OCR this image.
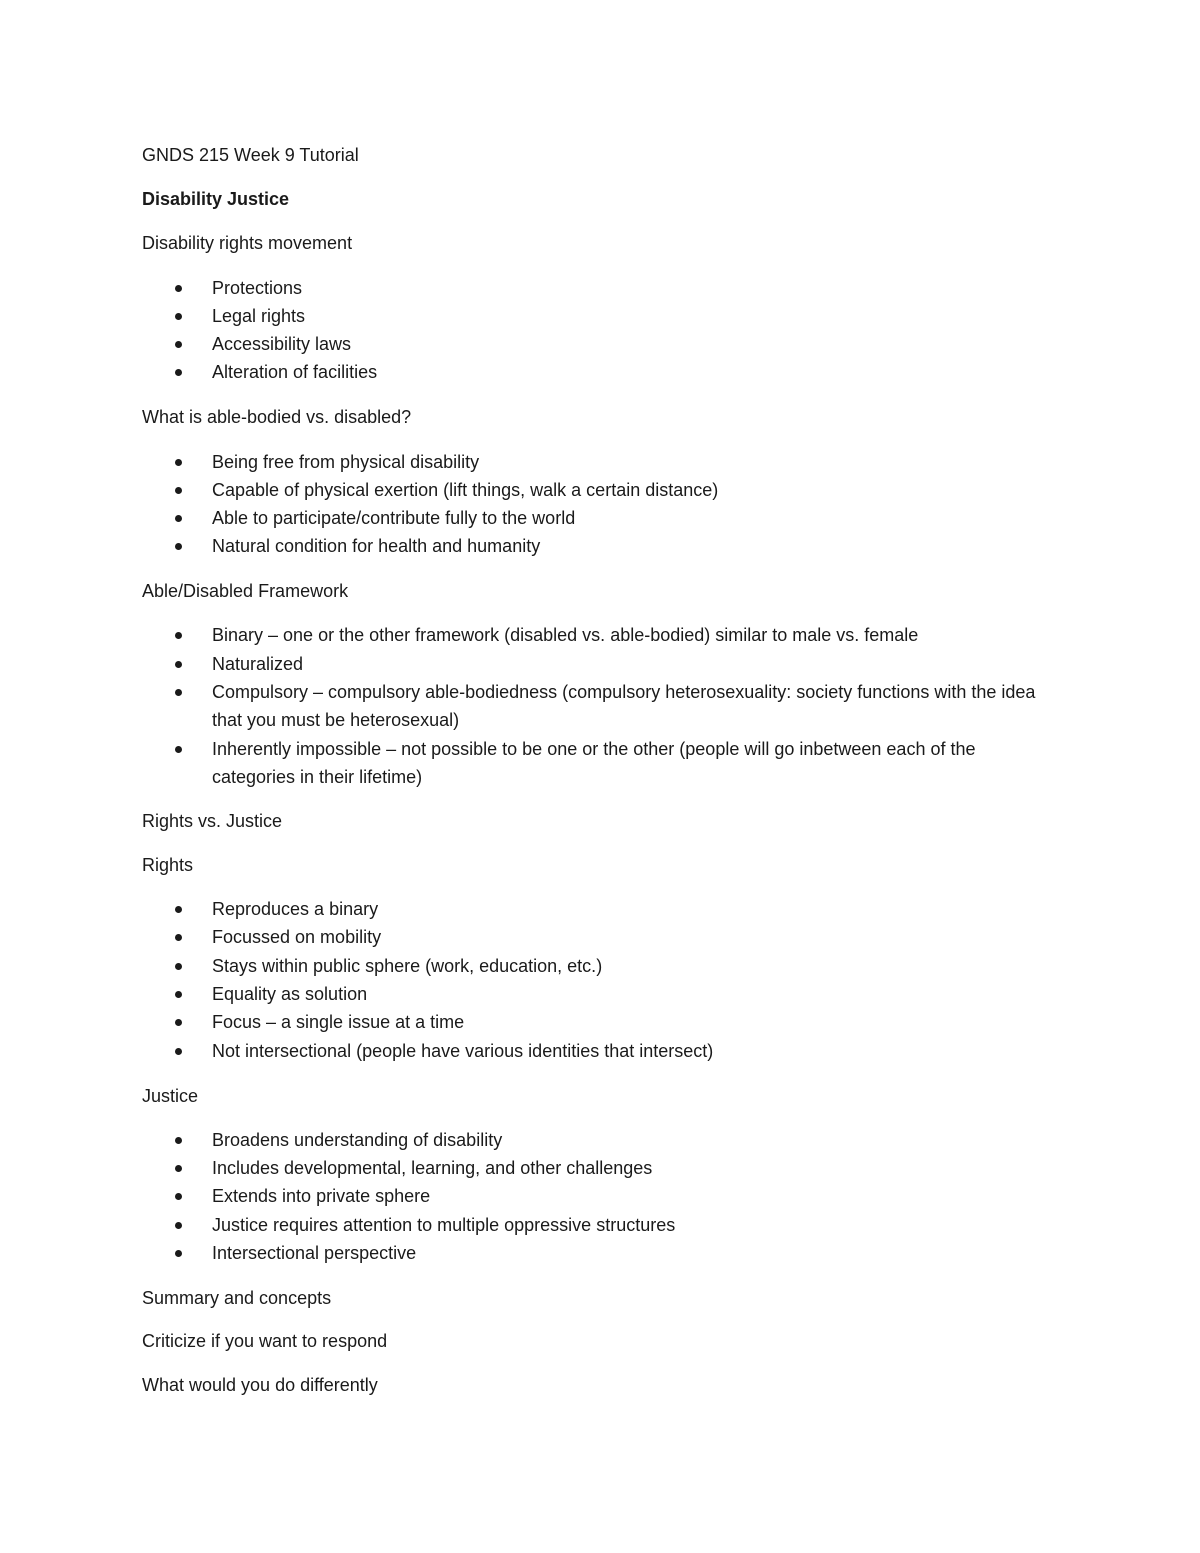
GNDS 215 Week 9 Tutorial

Disability Justice

Disability rights movement

Protections
Legal rights
Accessibility laws
Alteration of facilities

What is able-bodied vs. disabled?

Being free from physical disability
Capable of physical exertion (lift things, walk a certain distance)
Able to participate/contribute fully to the world
Natural condition for health and humanity

Able/Disabled Framework

Binary – one or the other framework (disabled vs. able-bodied) similar to male vs. female
Naturalized
Compulsory – compulsory able-bodiedness (compulsory heterosexuality: society functions with the idea that you must be heterosexual)
Inherently impossible – not possible to be one or the other (people will go inbetween each of the categories in their lifetime)

Rights vs. Justice

Rights

Reproduces a binary
Focussed on mobility
Stays within public sphere (work, education, etc.)
Equality as solution
Focus – a single issue at a time
Not intersectional (people have various identities that intersect)

Justice

Broadens understanding of disability
Includes developmental, learning, and other challenges
Extends into private sphere
Justice requires attention to multiple oppressive structures
Intersectional perspective

Summary and concepts

Criticize if you want to respond

What would you do differently
